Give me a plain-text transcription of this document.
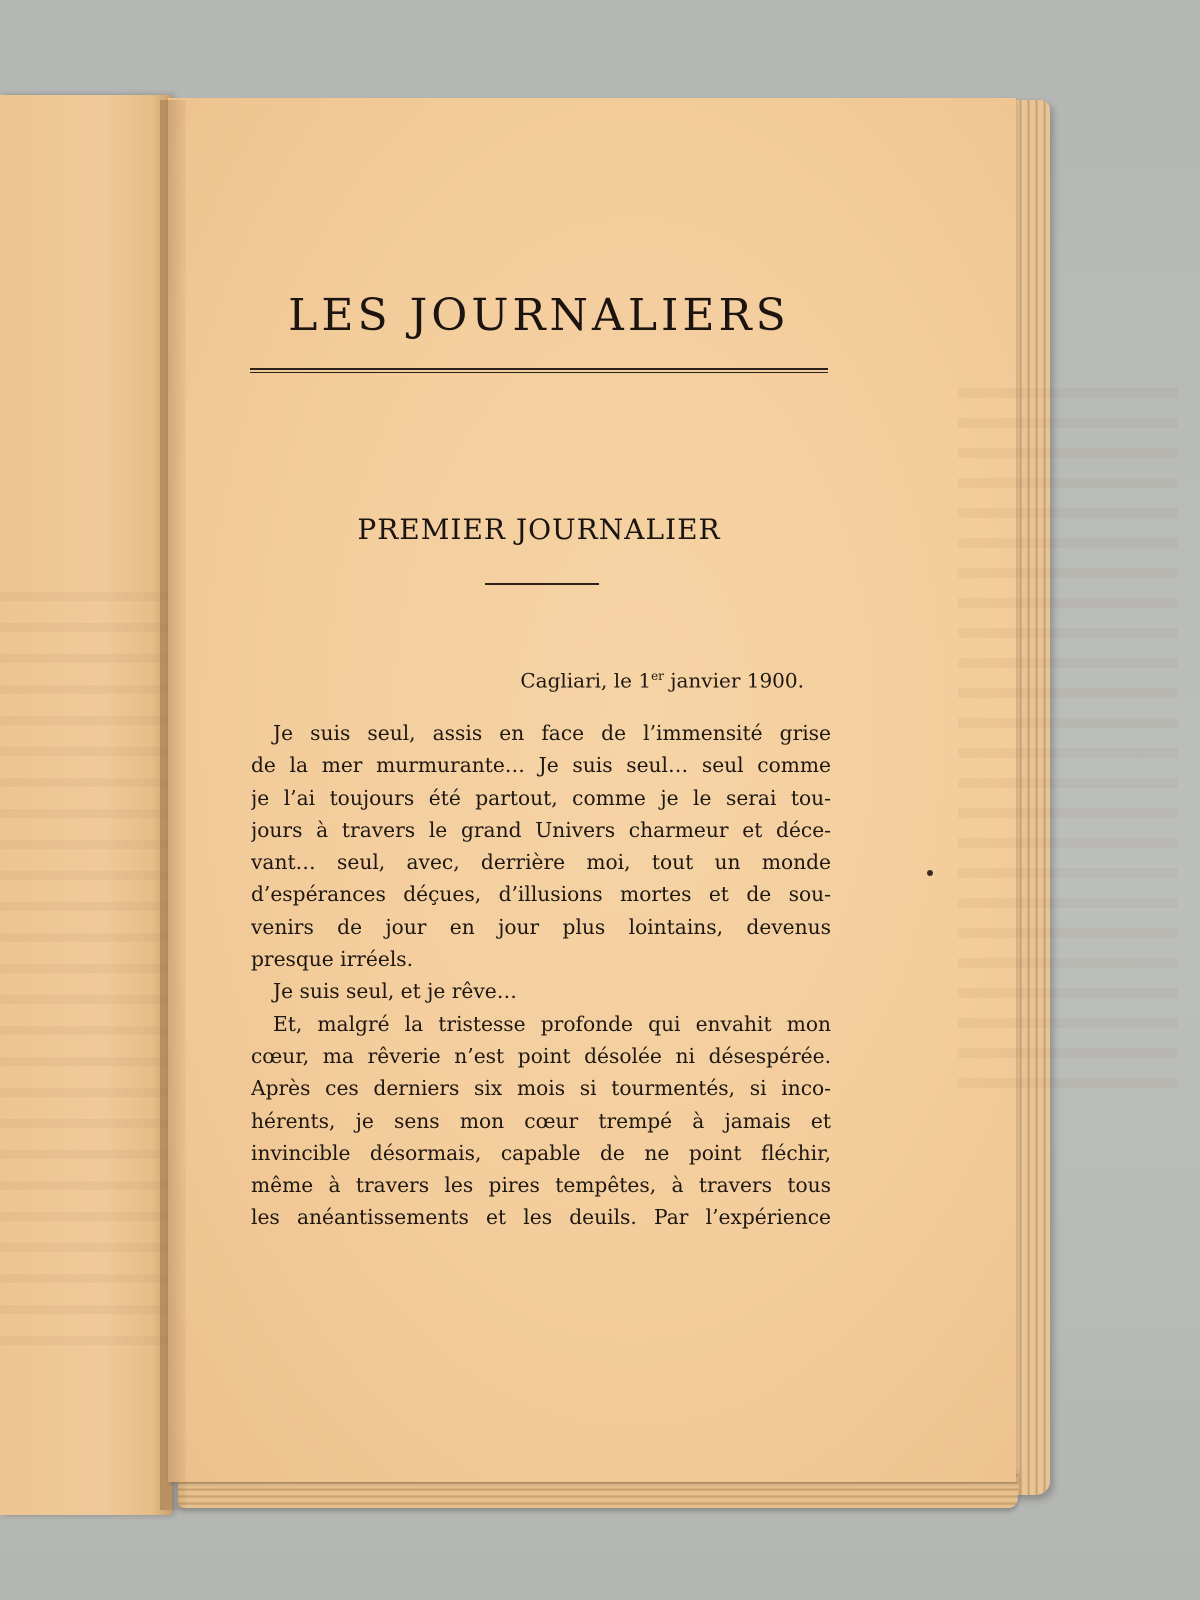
LES JOURNALIERS
PREMIER JOURNALIER
Cagliari, le 1er janvier 1900.
Je suis seul, assis en face de l’immensité grise
de la mer murmurante… Je suis seul… seul comme
je l’ai toujours été partout, comme je le serai tou-
jours à travers le grand Univers charmeur et déce-
vant… seul, avec, derrière moi, tout un monde
d’espérances déçues, d’illusions mortes et de sou-
venirs de jour en jour plus lointains, devenus
presque irréels.
Je suis seul, et je rêve…
Et, malgré la tristesse profonde qui envahit mon
cœur, ma rêverie n’est point désolée ni désespérée.
Après ces derniers six mois si tourmentés, si inco-
hérents, je sens mon cœur trempé à jamais et
invincible désormais, capable de ne point fléchir,
même à travers les pires tempêtes, à travers tous
les anéantissements et les deuils. Par l’expérience
